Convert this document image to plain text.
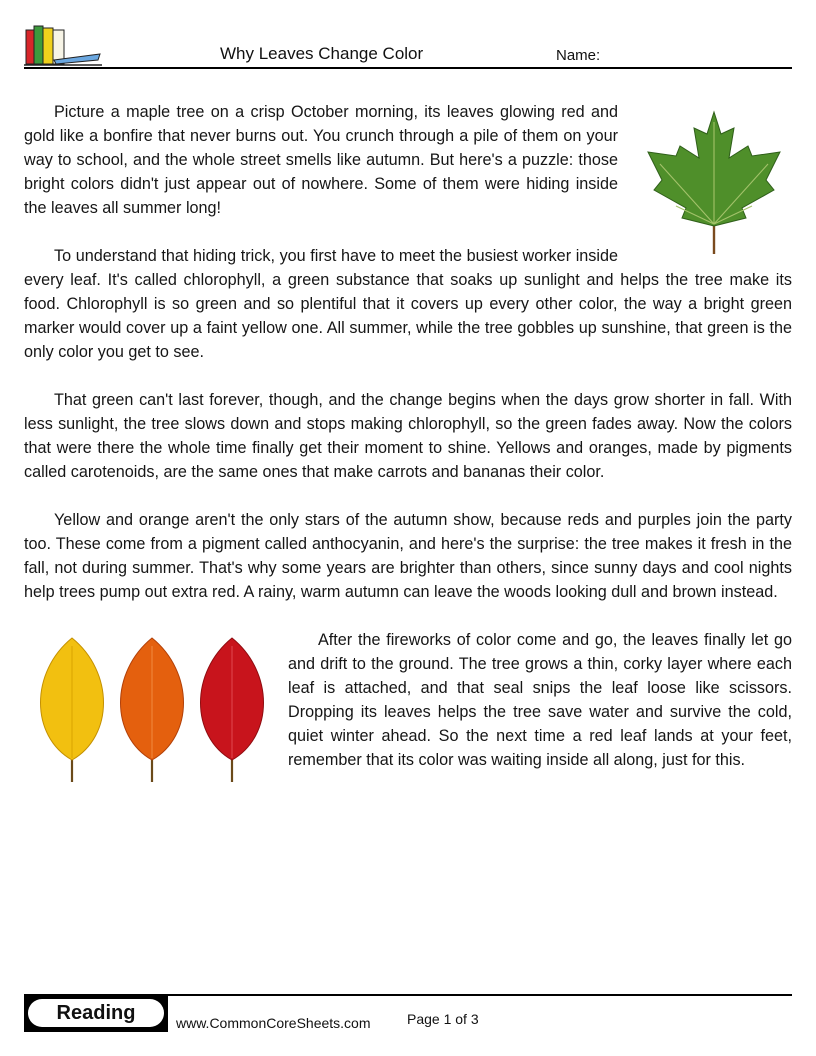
Why Leaves Change Color	Name:

Picture a maple tree on a crisp October morning, its leaves glowing red and gold like a bonfire that never burns out. You crunch through a pile of them on your way to school, and the whole street smells like autumn. But here's a puzzle: those bright colors didn't just appear out of nowhere. Some of them were hiding inside the leaves all summer long!

To understand that hiding trick, you first have to meet the busiest worker inside every leaf. It's called chlorophyll, a green substance that soaks up sunlight and helps the tree make its food. Chlorophyll is so green and so plentiful that it covers up every other color, the way a bright green marker would cover up a faint yellow one. All summer, while the tree gobbles up sunshine, that green is the only color you get to see.

That green can't last forever, though, and the change begins when the days grow shorter in fall. With less sunlight, the tree slows down and stops making chlorophyll, so the green fades away. Now the colors that were there the whole time finally get their moment to shine. Yellows and oranges, made by pigments called carotenoids, are the same ones that make carrots and bananas their color.

Yellow and orange aren't the only stars of the autumn show, because reds and purples join the party too. These come from a pigment called anthocyanin, and here's the surprise: the tree makes it fresh in the fall, not during summer. That's why some years are brighter than others, since sunny days and cool nights help trees pump out extra red. A rainy, warm autumn can leave the woods looking dull and brown instead.

After the fireworks of color come and go, the leaves finally let go and drift to the ground. The tree grows a thin, corky layer where each leaf is attached, and that seal snips the leaf loose like scissors. Dropping its leaves helps the tree save water and survive the cold, quiet winter ahead. So the next time a red leaf lands at your feet, remember that its color was waiting inside all along, just for this.

Reading	www.CommonCoreSheets.com	Page 1 of 3
